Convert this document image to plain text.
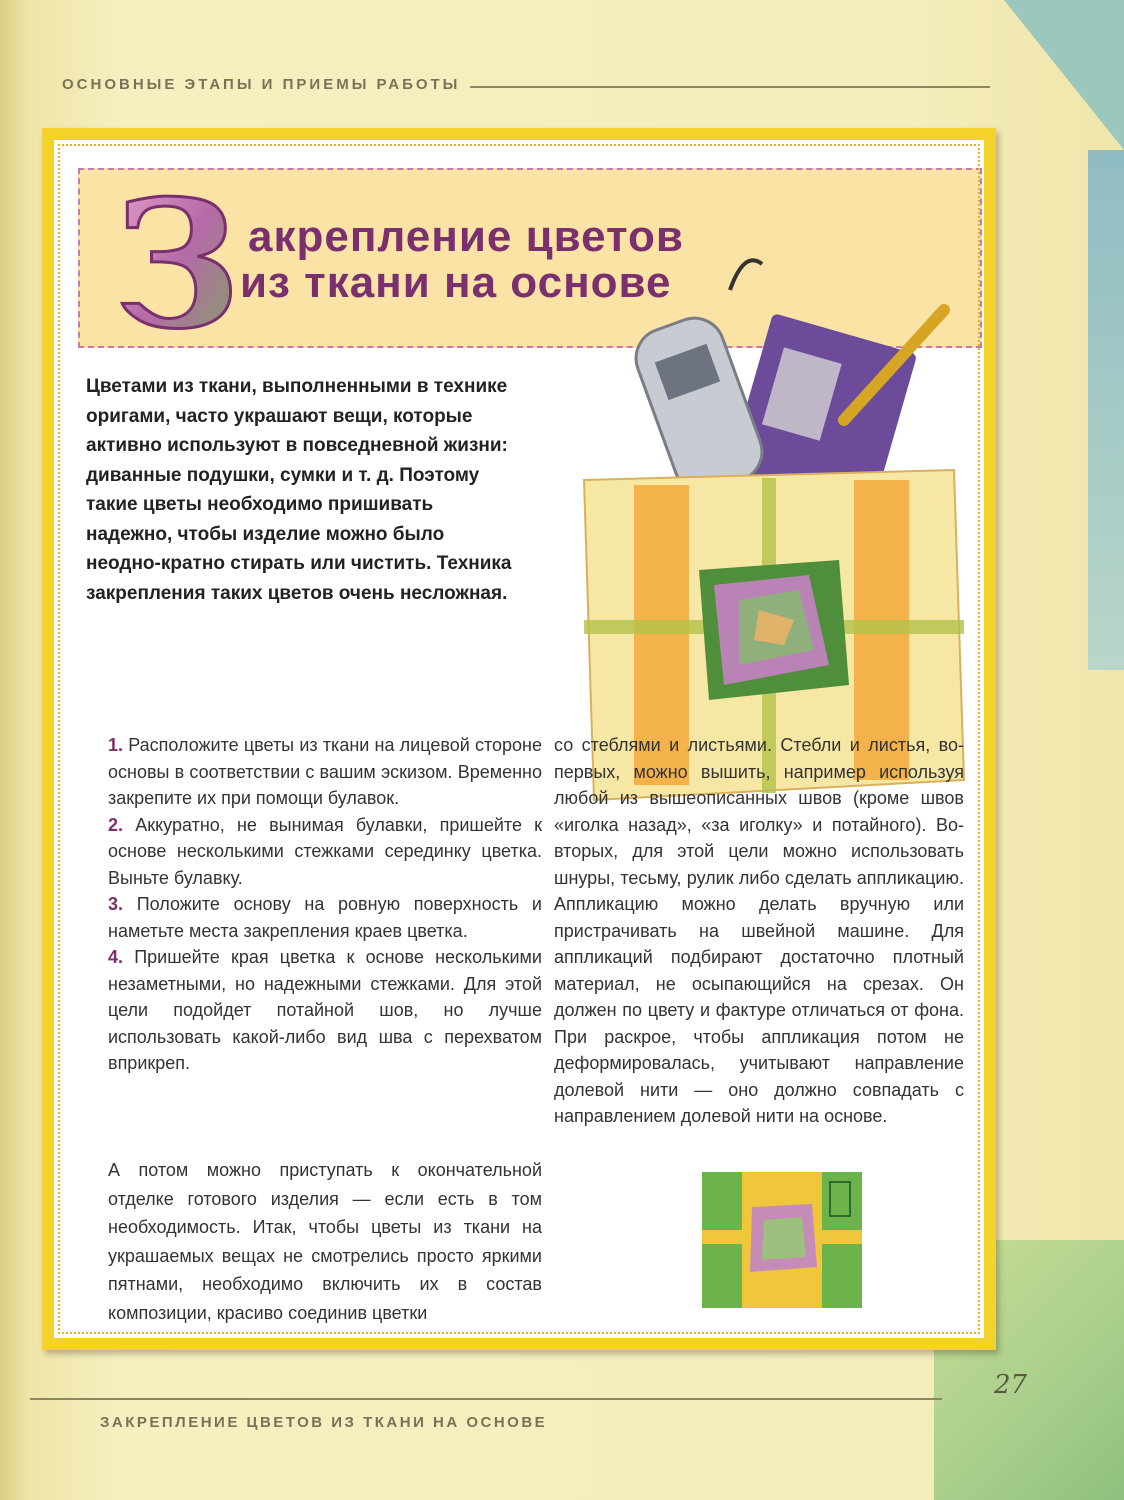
ОСНОВНЫЕ ЭТАПЫ И ПРИЕМЫ РАБОТЫ
З акрепление цветов
из ткани на основе
Цветами из ткани, выполненными в технике оригами, часто украшают вещи, которые активно используют в повседневной жизни: диванные подушки, сумки и т. д. Поэтому такие цветы необходимо пришивать надежно, чтобы изделие можно было неодно-кратно стирать или чистить. Техника закрепления таких цветов очень несложная.
1. Расположите цветы из ткани на лицевой стороне основы в соответствии с вашим эскизом. Временно закрепите их при помощи булавок.
2. Аккуратно, не вынимая булавки, пришейте к основе несколькими стежками серединку цветка. Выньте булавку.
3. Положите основу на ровную поверхность и наметьте места закрепления краев цветка.
4. Пришейте края цветка к основе несколькими незаметными, но надежными стежками. Для этой цели подойдет потайной шов, но лучше использовать какой-либо вид шва с перехватом вприкреп.
А потом можно приступать к окончательной отделке готового изделия — если есть в том необходимость. Итак, чтобы цветы из ткани на украшаемых вещах не смотрелись просто яркими пятнами, необходимо включить их в состав композиции, красиво соединив цветки
со стеблями и листьями. Стебли и листья, во-первых, можно вышить, например используя любой из вышеописанных швов (кроме швов «иголка назад», «за иголку» и потайного). Во-вторых, для этой цели можно использовать шнуры, тесьму, рулик либо сделать аппликацию. Аппликацию можно делать вручную или пристрачивать на швейной машине. Для аппликаций подбирают достаточно плотный материал, не осыпающийся на срезах. Он должен по цвету и фактуре отличаться от фона. При раскрое, чтобы аппликация потом не деформировалась, учитывают направление долевой нити — оно должно совпадать с направлением долевой нити на основе.
27
ЗАКРЕПЛЕНИЕ ЦВЕТОВ ИЗ ТКАНИ НА ОСНОВЕ
